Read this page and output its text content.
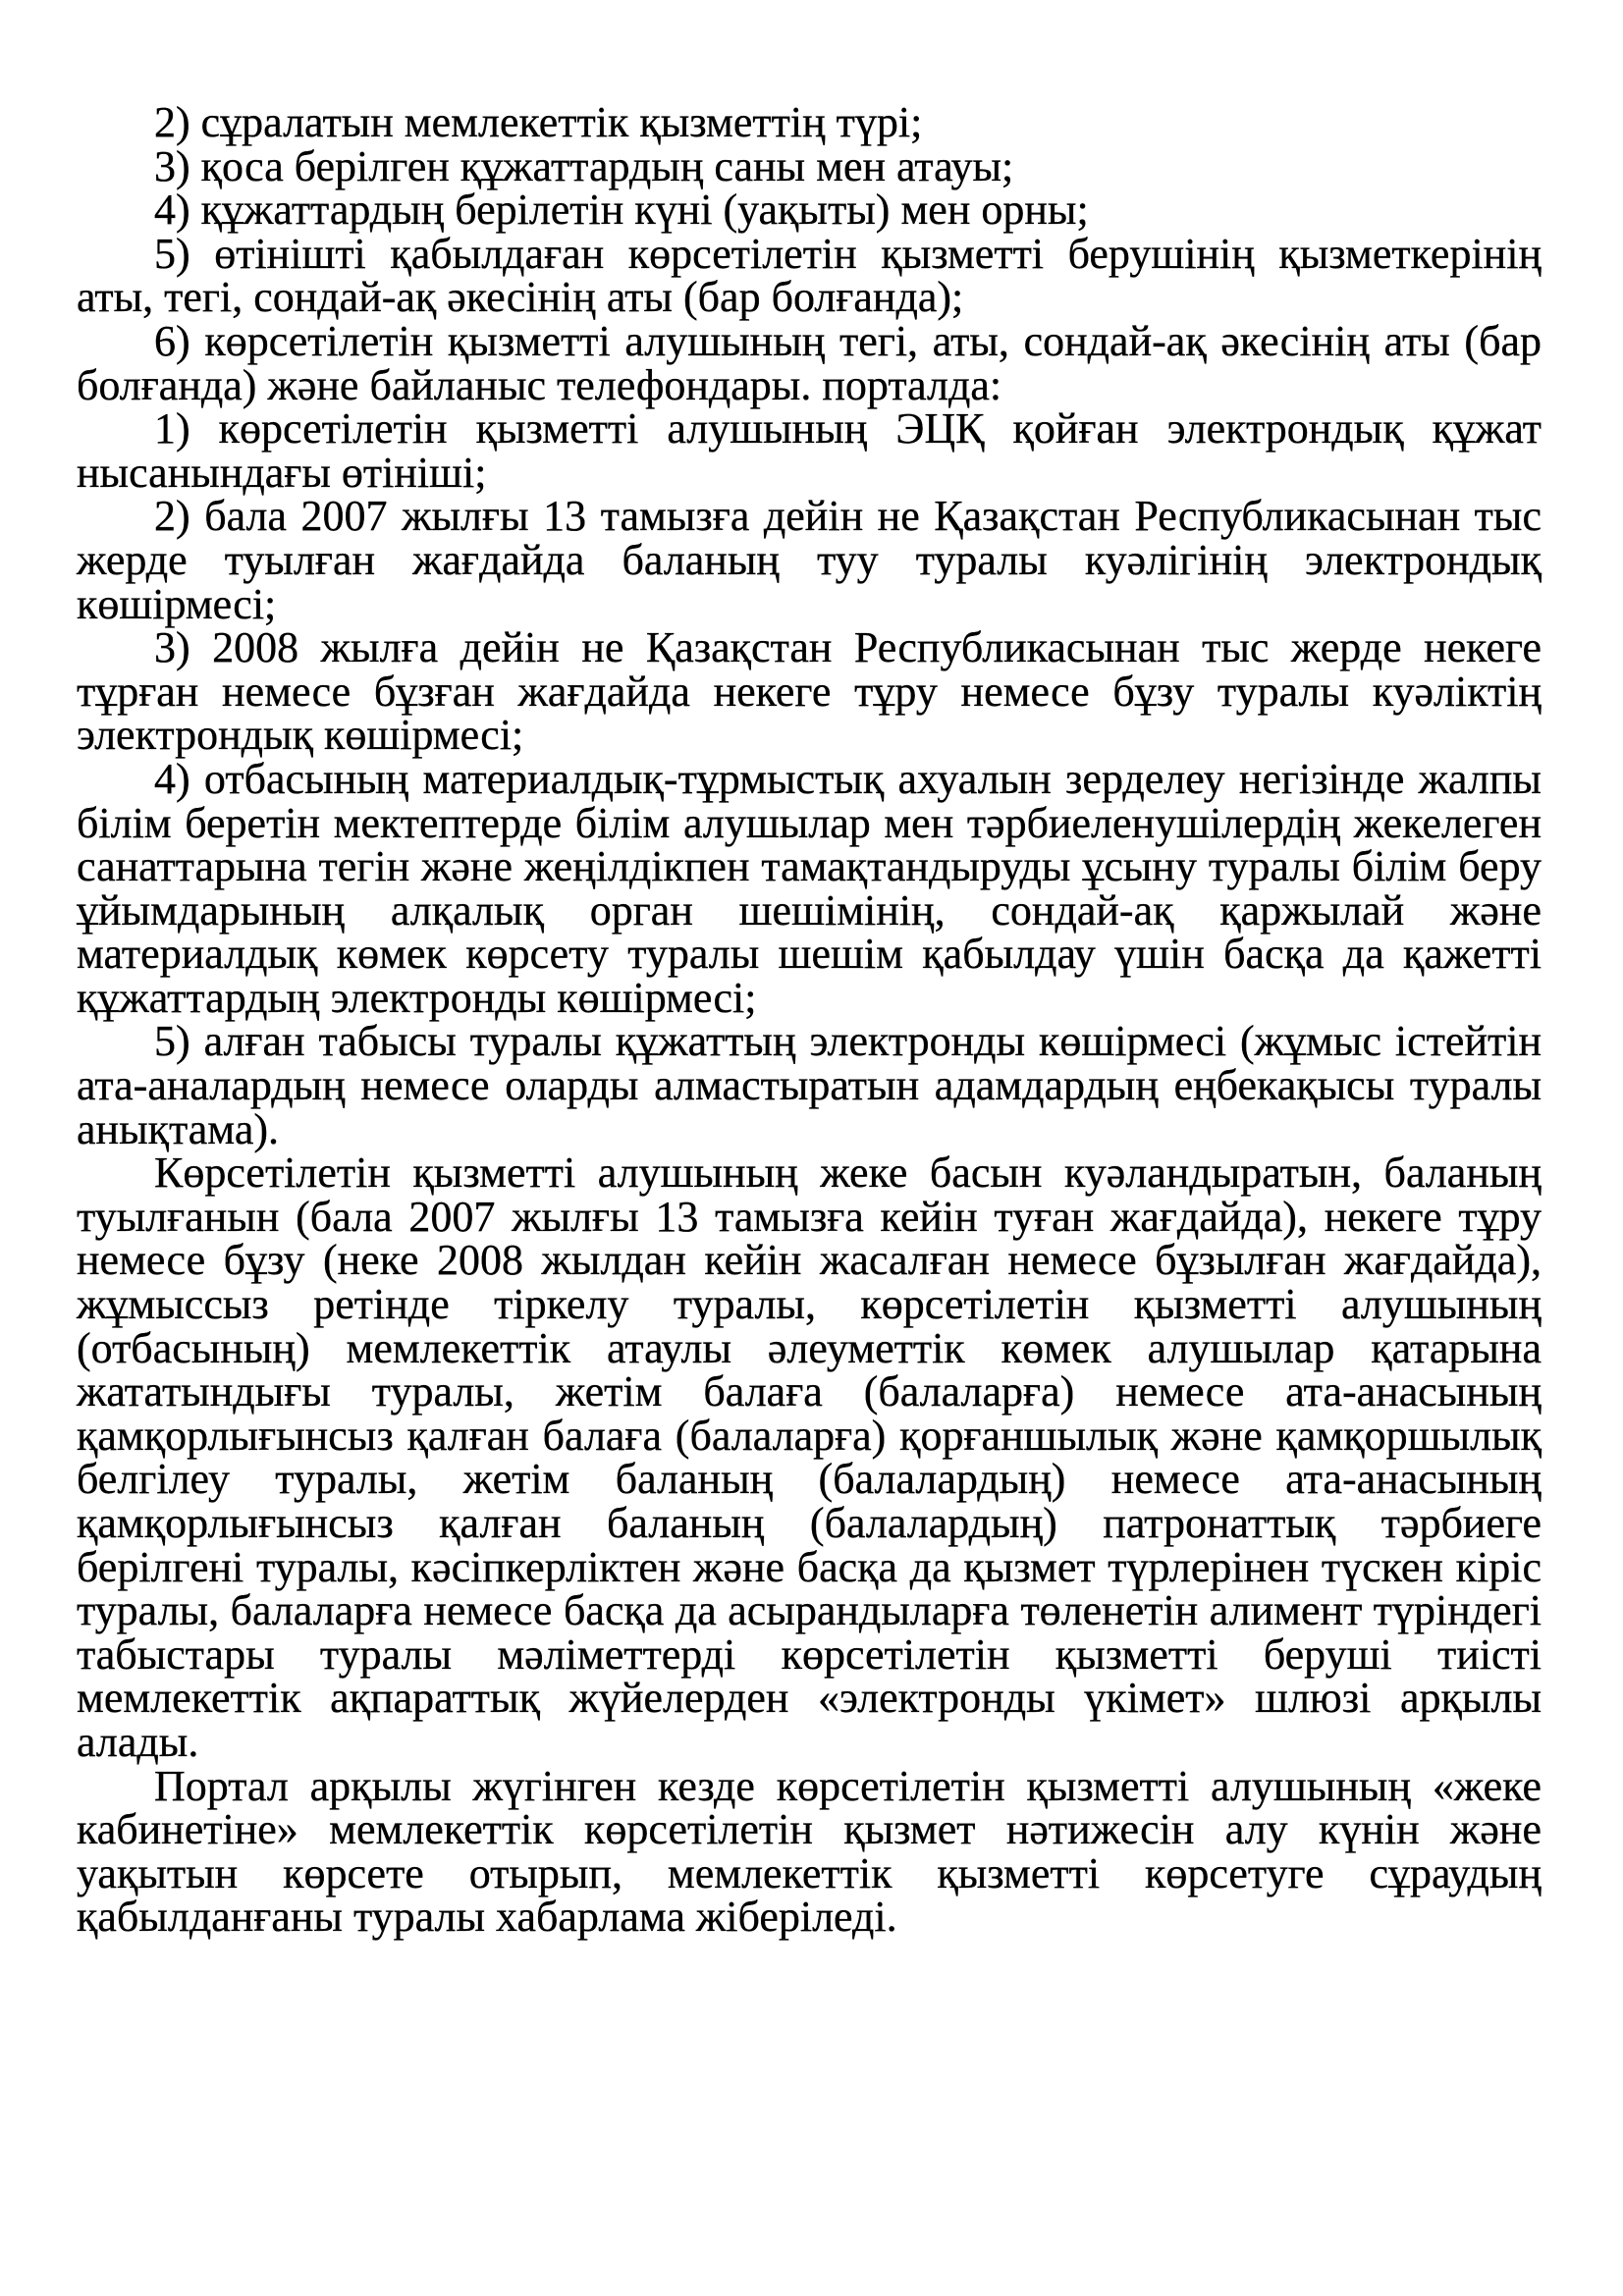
2) сұралатын мемлекеттік қызметтің түрі;

3) қоса берілген құжаттардың саны мен атауы;

4) құжаттардың берілетін күні (уақыты) мен орны;

5) өтінішті қабылдаған көрсетілетін қызметті берушінің қызметкерінің аты, тегі, сондай-ақ әкесінің аты (бар болғанда);

6) көрсетілетін қызметті алушының тегі, аты, сондай-ақ әкесінің аты (бар болғанда) және байланыс телефондары. порталда:

1) көрсетілетін қызметті алушының ЭЦҚ қойған электрондық құжат нысанындағы өтініші;

2) бала 2007 жылғы 13 тамызға дейін не Қазақстан Республикасынан тыс жерде туылған жағдайда баланың туу туралы куәлігінің электрондық көшірмесі;

3) 2008 жылға дейін не Қазақстан Республикасынан тыс жерде некеге тұрған немесе бұзған жағдайда некеге тұру немесе бұзу туралы куәліктің электрондық көшірмесі;

4) отбасының материалдық-тұрмыстық ахуалын зерделеу негізінде жалпы білім беретін мектептерде білім алушылар мен тәрбиеленушілердің жекелеген санаттарына тегін және жеңілдікпен тамақтандыруды ұсыну туралы білім беру ұйымдарының алқалық орган шешімінің, сондай-ақ қаржылай және материалдық көмек көрсету туралы шешім қабылдау үшін басқа да қажетті құжаттардың электронды көшірмесі;

5) алған табысы туралы құжаттың электронды көшірмесі (жұмыс істейтін ата-аналардың немесе оларды алмастыратын адамдардың еңбекақысы туралы анықтама).

Көрсетілетін қызметті алушының жеке басын куәландыратын, баланың туылғанын (бала 2007 жылғы 13 тамызға кейін туған жағдайда), некеге тұру немесе бұзу (неке 2008 жылдан кейін жасалған немесе бұзылған жағдайда), жұмыссыз ретінде тіркелу туралы, көрсетілетін қызметті алушының (отбасының) мемлекеттік атаулы әлеуметтік көмек алушылар қатарына жататындығы туралы, жетім балаға (балаларға) немесе ата-анасының қамқорлығынсыз қалған балаға (балаларға) қорғаншылық және қамқоршылық белгілеу туралы, жетім баланың (балалардың) немесе ата-анасының қамқорлығынсыз қалған баланың (балалардың) патронаттық тәрбиеге берілгені туралы, кәсіпкерліктен және басқа да қызмет түрлерінен түскен кіріс туралы, балаларға немесе басқа да асырандыларға төленетін алимент түріндегі табыстары туралы мәліметтерді көрсетілетін қызметті беруші тиісті мемлекеттік ақпараттық жүйелерден «электронды үкімет» шлюзі арқылы алады.

Портал арқылы жүгінген кезде көрсетілетін қызметті алушының «жеке кабинетіне» мемлекеттік көрсетілетін қызмет нәтижесін алу күнін және уақытын көрсете отырып, мемлекеттік қызметті көрсетуге сұраудың қабылданғаны туралы хабарлама жіберіледі.
